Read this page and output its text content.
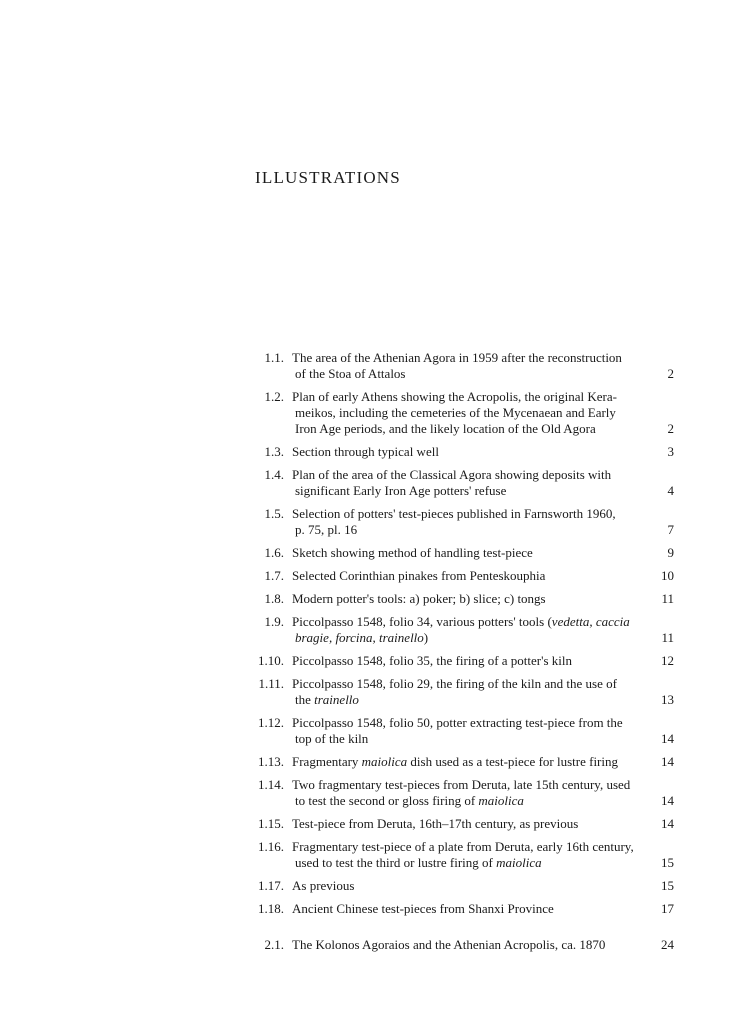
ILLUSTRATIONS
1.1. The area of the Athenian Agora in 1959 after the reconstruction
of the Stoa of Attalos	2
1.2. Plan of early Athens showing the Acropolis, the original Kera-
meikos, including the cemeteries of the Mycenaean and Early
Iron Age periods, and the likely location of the Old Agora	2
1.3. Section through typical well	3
1.4. Plan of the area of the Classical Agora showing deposits with
significant Early Iron Age potters' refuse	4
1.5. Selection of potters' test-pieces published in Farnsworth 1960,
p. 75, pl. 16	7
1.6. Sketch showing method of handling test-piece	9
1.7. Selected Corinthian pinakes from Penteskouphia	10
1.8. Modern potter's tools: a) poker; b) slice; c) tongs	11
1.9. Piccolpasso 1548, folio 34, various potters' tools (vedetta, caccia
bragie, forcina, trainello)	11
1.10. Piccolpasso 1548, folio 35, the firing of a potter's kiln	12
1.11. Piccolpasso 1548, folio 29, the firing of the kiln and the use of
the trainello	13
1.12. Piccolpasso 1548, folio 50, potter extracting test-piece from the
top of the kiln	14
1.13. Fragmentary maiolica dish used as a test-piece for lustre firing	14
1.14. Two fragmentary test-pieces from Deruta, late 15th century, used
to test the second or gloss firing of maiolica	14
1.15. Test-piece from Deruta, 16th–17th century, as previous	14
1.16. Fragmentary test-piece of a plate from Deruta, early 16th century,
used to test the third or lustre firing of maiolica	15
1.17. As previous	15
1.18. Ancient Chinese test-pieces from Shanxi Province	17
2.1. The Kolonos Agoraios and the Athenian Acropolis, ca. 1870	24
